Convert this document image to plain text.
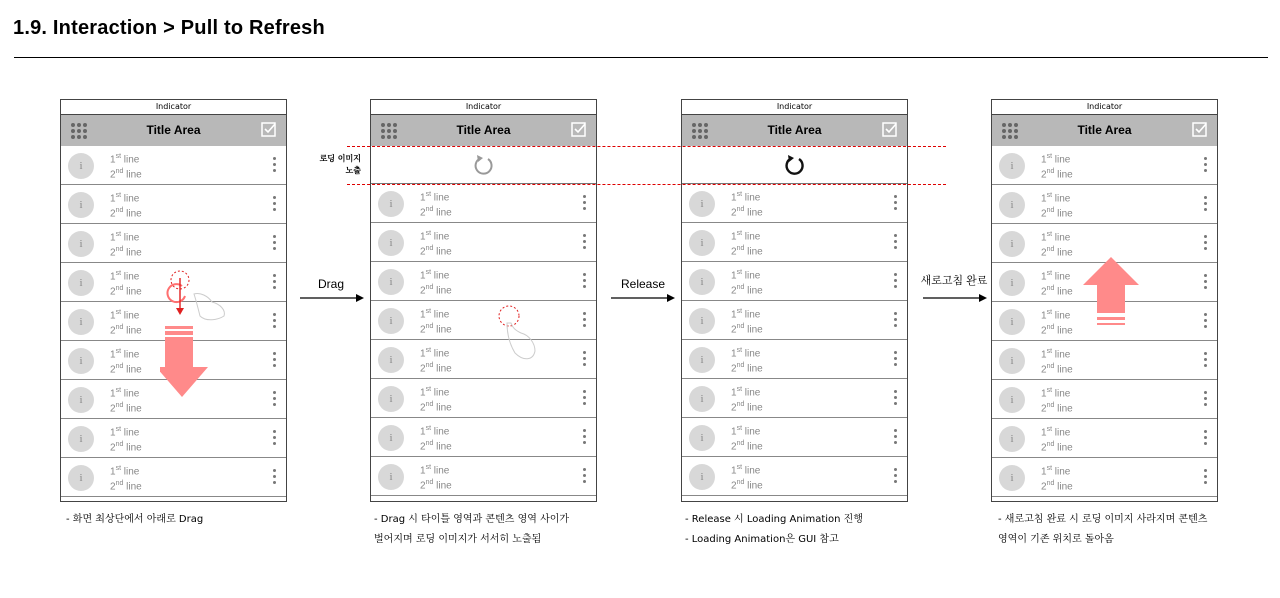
1.9. Interaction > Pull to Refresh
Indicator
Title Area
i
1st line
2nd line
i
1st line
2nd line
i
1st line
2nd line
i
1st line
2nd line
i
1st line
2nd line
i
1st line
2nd line
i
1st line
2nd line
i
1st line
2nd line
i
1st line
2nd line
Indicator
Title Area
i
1st line
2nd line
i
1st line
2nd line
i
1st line
2nd line
i
1st line
2nd line
i
1st line
2nd line
i
1st line
2nd line
i
1st line
2nd line
i
1st line
2nd line
Indicator
Title Area
i
1st line
2nd line
i
1st line
2nd line
i
1st line
2nd line
i
1st line
2nd line
i
1st line
2nd line
i
1st line
2nd line
i
1st line
2nd line
i
1st line
2nd line
Indicator
Title Area
i
1st line
2nd line
i
1st line
2nd line
i
1st line
2nd line
i
1st line
2nd line
i
1st line
2nd line
i
1st line
2nd line
i
1st line
2nd line
i
1st line
2nd line
i
1st line
2nd line
로딩 이미지
노출
Drag	Release	새로고침 완료
- 화면 최상단에서 아래로 Drag	- Drag 시 타이틀 영역과 콘텐츠 영역 사이가
벌어지며 로딩 이미지가 서서히 노출됨
- Release 시 Loading Animation 진행
- Loading Animation은 GUI 참고
- 새로고침 완료 시 로딩 이미지 사라지며 콘텐츠
영역이 기존 위치로 돌아옴
